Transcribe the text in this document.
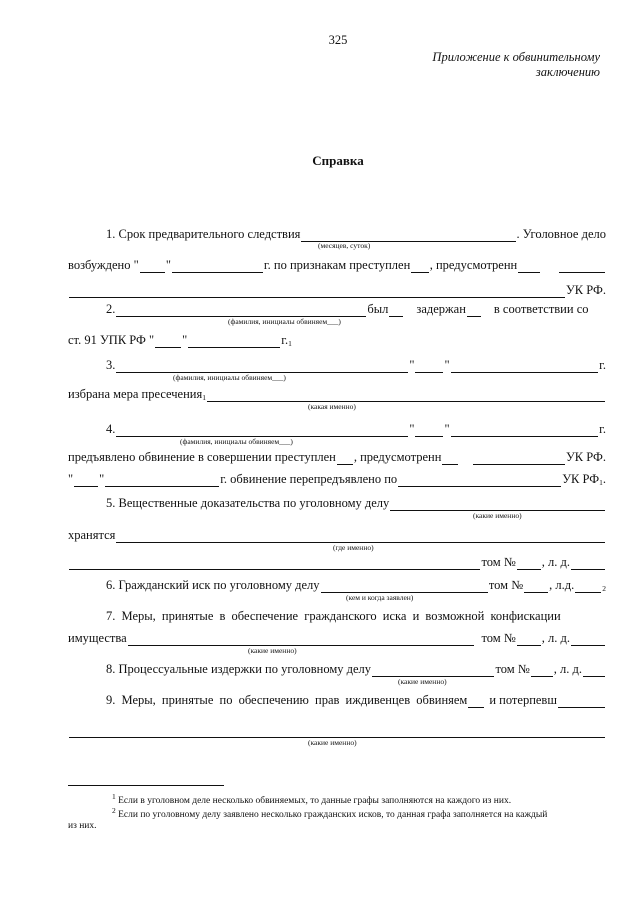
325
Приложение к обвинительному
заключению
Справка
1. Срок предварительного следствия	. Уголовное дело
(месяцев, суток)
возбуждено " "	г. по признакам преступлен , предусмотренн
УК РФ.
2.	был задержан в соответствии со
(фамилия, инициалы обвиняем___)
ст. 91 УПК РФ " "	г. 1
3.	" "	г.
(фамилия, инициалы обвиняем___)
избрана мера пресечения 1
(какая именно)
4.	" "	г.
(фамилия, инициалы обвиняем___)
предъявлено обвинение в совершении преступлен , предусмотренн	УК РФ.
" "	г. обвинение перепредъявлено по	УК РФ 1 .
5. Вещественные доказательства по уголовному делу
(какие именно)
хранятся
(где именно)
том № , л. д.
6. Гражданский иск по уголовному делу	том № , л.д.	2
(кем и когда заявлен)
7. Меры, принятые в обеспечение гражданского иска и возможной конфискации
имущества	том № , л. д.
(какие именно)
8. Процессуальные издержки по уголовному делу	том № , л. д.
(какие именно)
9. Меры, принятые по обеспечению прав иждивенцев обвиняем и потерпевш
(какие именно)
$^1$ Если в уголовном деле несколько обвиняемых, то данные графы заполняются на каждого из них.
$^2$ Если по уголовному делу заявлено несколько гражданских исков, то данная графа заполняется на каждый
из них.
